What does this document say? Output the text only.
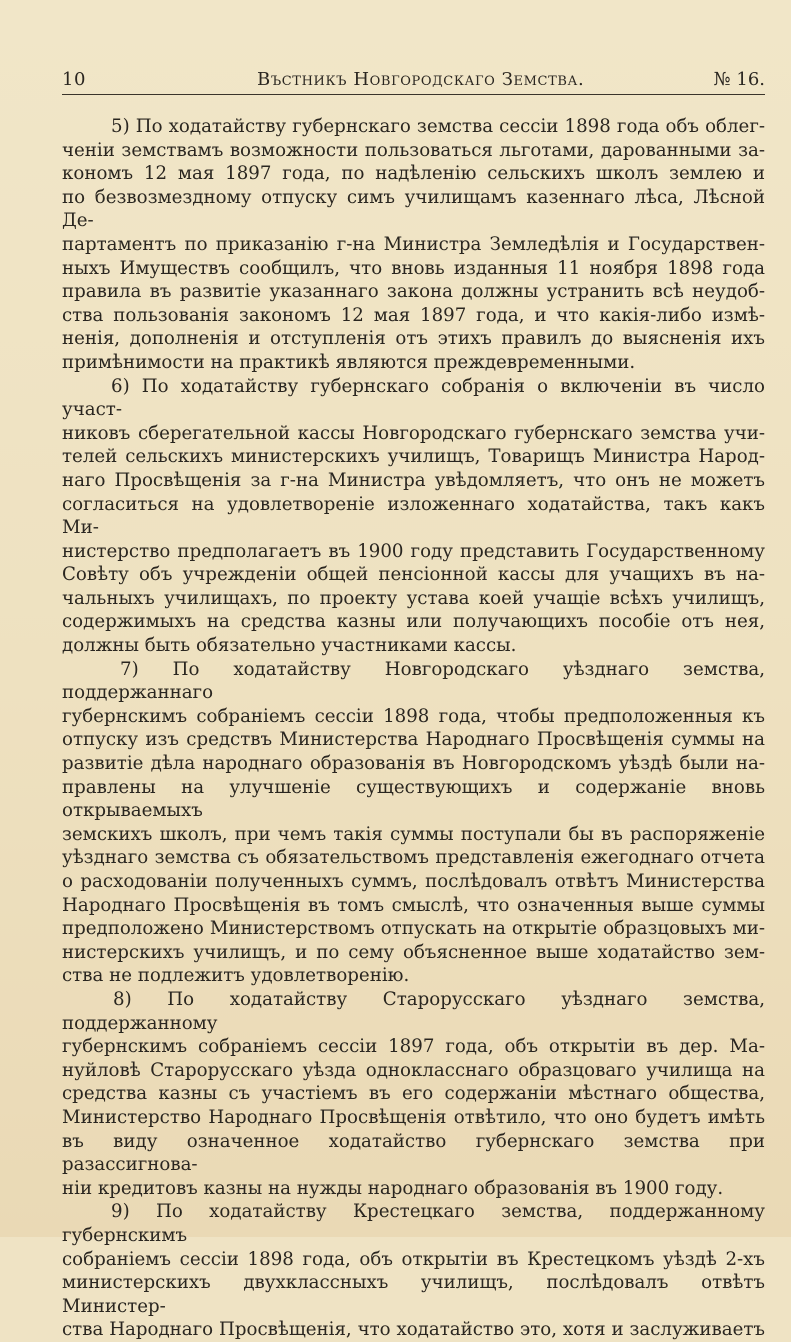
10	Въстникъ Новгородскаго Земства.	№ 16.
5) По ходатайству губернскаго земства сессіи 1898 года объ облег-
ченіи земствамъ возможности пользоваться льготами, дарованными за-
кономъ 12 мая 1897 года, по надѣленію сельскихъ школъ землею и
по безвозмездному отпуску симъ училищамъ казеннаго лѣса, Лѣсной Де-
партаментъ по приказанію г-на Министра Земледѣлія и Государствен-
ныхъ Имуществъ сообщилъ, что вновь изданныя 11 ноября 1898 года
правила въ развитіе указаннаго закона должны устранить всѣ неудоб-
ства пользованія закономъ 12 мая 1897 года, и что какія-либо измѣ-
ненія, дополненія и отступленія отъ этихъ правилъ до выясненія ихъ
примѣнимости на практикѣ являются преждевременными.
6) По ходатайству губернскаго собранія о включеніи въ число участ-
никовъ сберегательной кассы Новгородскаго губернскаго земства учи-
телей сельскихъ министерскихъ училищъ, Товарищъ Министра Народ-
наго Просвѣщенія за г-на Министра увѣдомляетъ, что онъ не можетъ
согласиться на удовлетвореніе изложеннаго ходатайства, такъ какъ Ми-
нистерство предполагаетъ въ 1900 году представить Государственному
Совѣту объ учрежденіи общей пенсіонной кассы для учащихъ въ на-
чальныхъ училищахъ, по проекту устава коей учащіе всѣхъ училищъ,
содержимыхъ на средства казны или получающихъ пособіе отъ нея,
должны быть обязательно участниками кассы.
7) По ходатайству Новгородскаго уѣзднаго земства, поддержаннаго
губернскимъ собраніемъ сессіи 1898 года, чтобы предположенныя къ
отпуску изъ средствъ Министерства Народнаго Просвѣщенія суммы на
развитіе дѣла народнаго образованія въ Новгородскомъ уѣздѣ были на-
правлены на улучшеніе существующихъ и содержаніе вновь открываемыхъ
земскихъ школъ, при чемъ такія суммы поступали бы въ распоряженіе
уѣзднаго земства съ обязательствомъ представленія ежегоднаго отчета
о расходованіи полученныхъ суммъ, послѣдовалъ отвѣтъ Министерства
Народнаго Просвѣщенія въ томъ смыслѣ, что означенныя выше суммы
предположено Министерствомъ отпускать на открытіе образцовыхъ ми-
нистерскихъ училищъ, и по сему объясненное выше ходатайство зем-
ства не подлежитъ удовлетворенію.
8) По ходатайству Старорусскаго уѣзднаго земства, поддержанному
губернскимъ собраніемъ сессіи 1897 года, объ открытіи въ дер. Ма-
нуйловѣ Старорусскаго уѣзда одноклассн⁠аго образцоваго училища на
средства казны съ участіемъ въ его содержаніи мѣстнаго общества,
Министерство Народнаго Просвѣщенія отвѣтило, что оно будетъ имѣть
въ виду означенное ходатайство губернскаго земства при разассигнова-
ніи кредитовъ казны на нужды народнаго образованія въ 1900 году.
9) По ходатайству Крестецкаго земства, поддержанному губернскимъ
собраніемъ сессіи 1898 года, объ открытіи въ Крестецкомъ уѣздѣ 2-хъ
министерскихъ двухклассныхъ училищъ, послѣдовалъ отвѣтъ Министер-
ства Народнаго Просвѣщенія, что ходатайство это, хотя и заслуживаетъ
